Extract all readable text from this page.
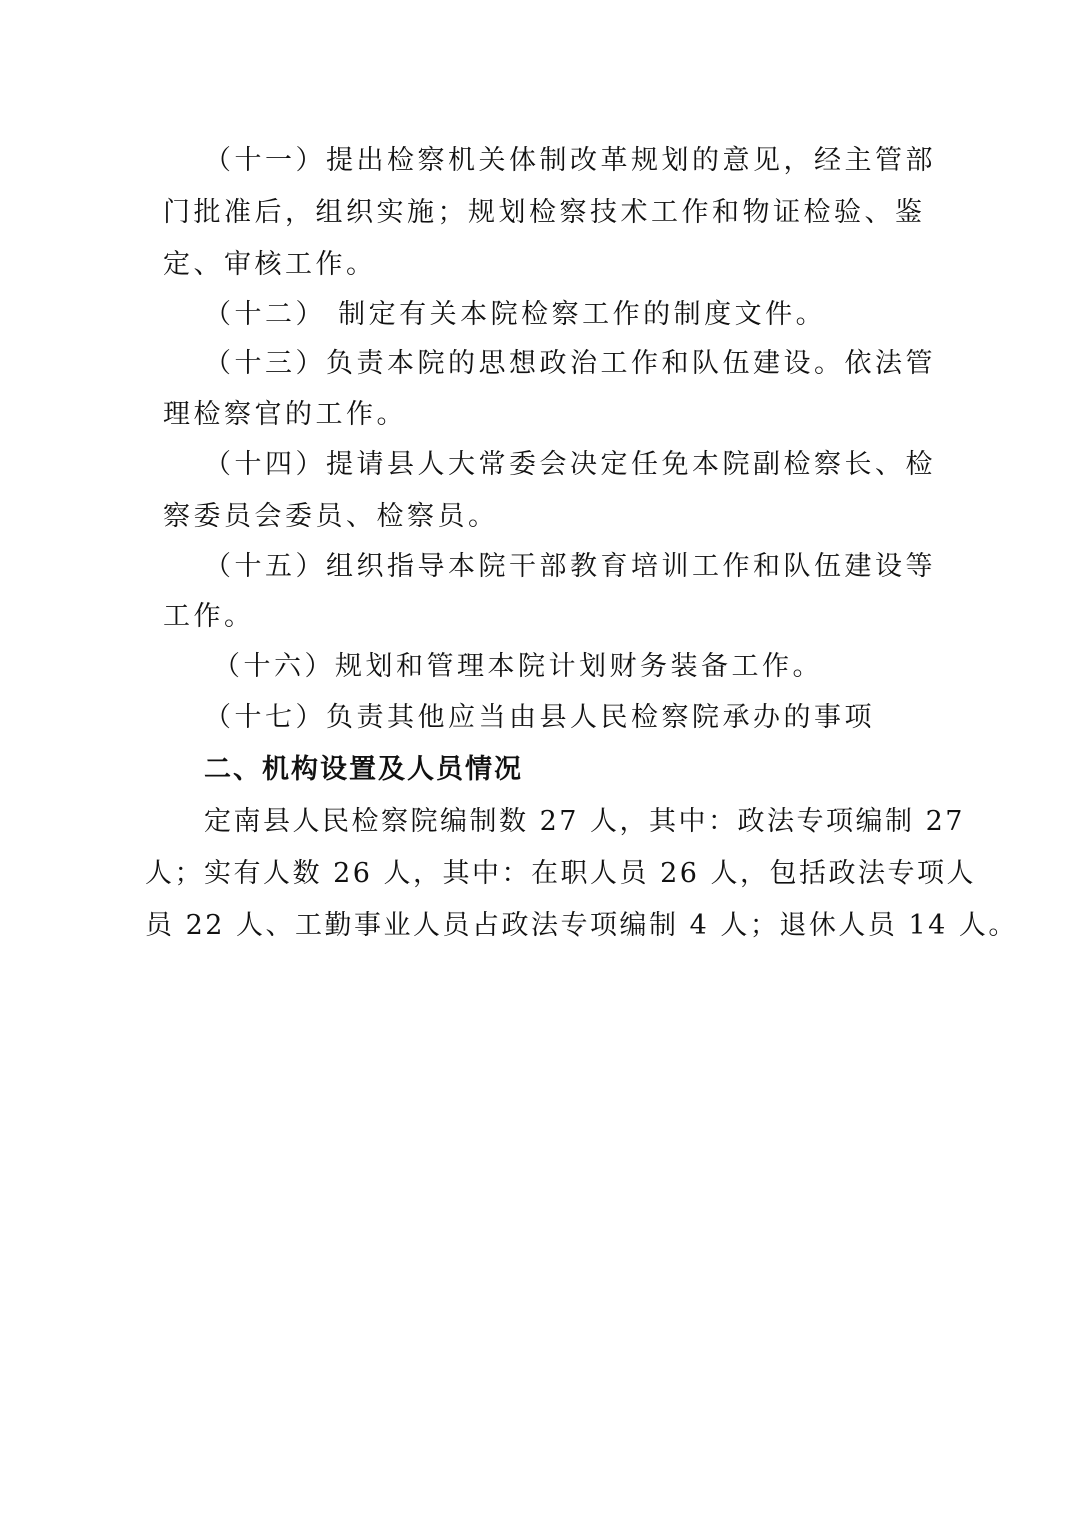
（十一）提出检察机关体制改革规划的意见，经主管部
门批准后，组织实施；规划检察技术工作和物证检验、鉴
定、审核工作。
（十二） 制定有关本院检察工作的制度文件。
（十三）负责本院的思想政治工作和队伍建设。依法管
理检察官的工作。
（十四）提请县人大常委会决定任免本院副检察长、检
察委员会委员、检察员。
（十五）组织指导本院干部教育培训工作和队伍建设等
工作。
（十六）规划和管理本院计划财务装备工作。
（十七）负责其他应当由县人民检察院承办的事项
二、机构设置及人员情况
定南县人民检察院编制数 27 人，其中：政法专项编制 27
人；实有人数 26 人，其中：在职人员 26 人，包括政法专项人
员 22 人、工勤事业人员占政法专项编制 4 人；退休人员 14 人。
